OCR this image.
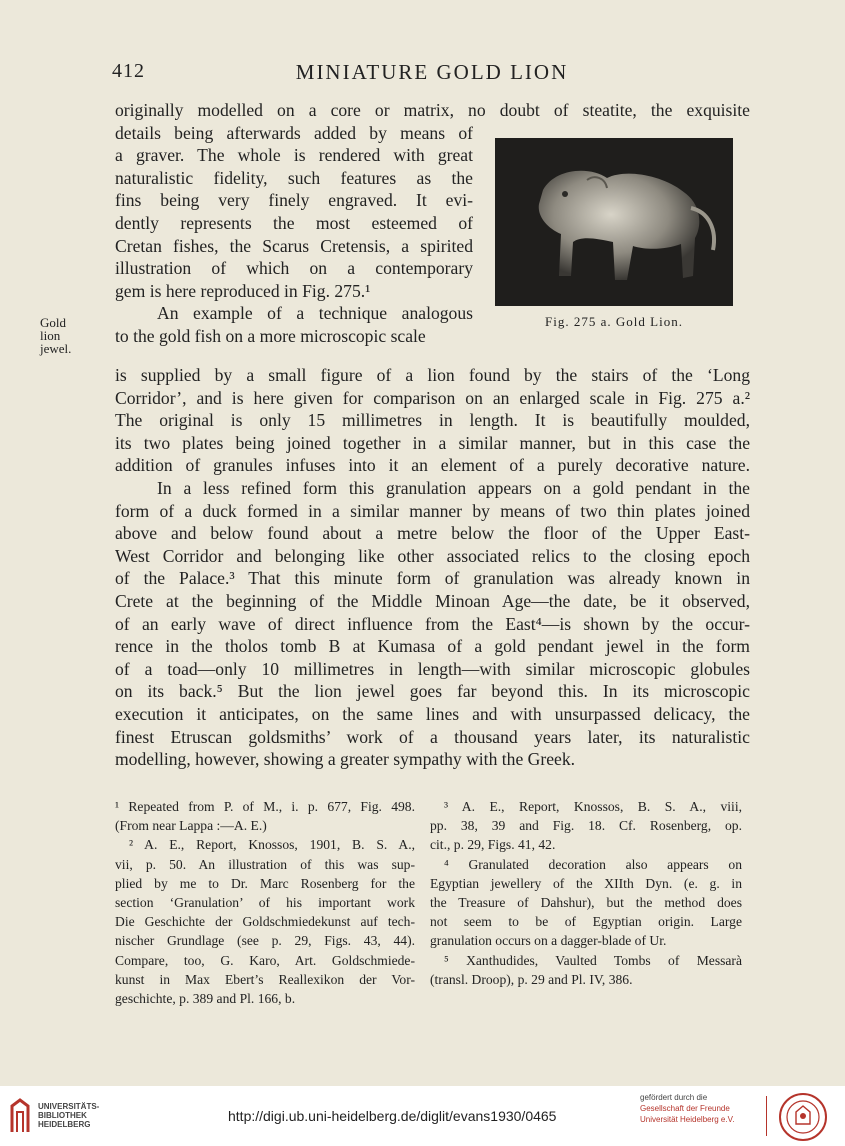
412	MINIATURE GOLD LION
originally modelled on a core or matrix, no doubt of steatite, the exquisite
details being afterwards added by means of
a graver. The whole is rendered with great
naturalistic fidelity, such features as the
fins being very finely engraved. It evi-
dently represents the most esteemed of
Cretan fishes, the Scarus Cretensis, a spirited
illustration of which on a contemporary
gem is here reproduced in Fig. 275.¹
An example of a technique analogous
to the gold fish on a more microscopic scale
Fig. 275 a. Gold Lion.
Gold
lion
jewel.
is supplied by a small figure of a lion found by the stairs of the ‘Long
Corridor’, and is here given for comparison on an enlarged scale in Fig. 275 a.²
The original is only 15 millimetres in length. It is beautifully moulded,
its two plates being joined together in a similar manner, but in this case the
addition of granules infuses into it an element of a purely decorative nature.
In a less refined form this granulation appears on a gold pendant in the
form of a duck formed in a similar manner by means of two thin plates joined
above and below found about a metre below the floor of the Upper East-
West Corridor and belonging like other associated relics to the closing epoch
of the Palace.³ That this minute form of granulation was already known in
Crete at the beginning of the Middle Minoan Age—the date, be it observed,
of an early wave of direct influence from the East⁴—is shown by the occur-
rence in the tholos tomb B at Kumasa of a gold pendant jewel in the form
of a toad—only 10 millimetres in length—with similar microscopic globules
on its back.⁵ But the lion jewel goes far beyond this. In its microscopic
execution it anticipates, on the same lines and with unsurpassed delicacy, the
finest Etruscan goldsmiths’ work of a thousand years later, its naturalistic
modelling, however, showing a greater sympathy with the Greek.
¹ Repeated from P. of M., i. p. 677, Fig. 498.
(From near Lappa :—A. E.)
² A. E., Report, Knossos, 1901, B. S. A.,
vii, p. 50. An illustration of this was sup-
plied by me to Dr. Marc Rosenberg for the
section ‘Granulation’ of his important work
Die Geschichte der Goldschmiedekunst auf tech-
nischer Grundlage (see p. 29, Figs. 43, 44).
Compare, too, G. Karo, Art. Goldschmiede-
kunst in Max Ebert’s Reallexikon der Vor-
geschichte, p. 389 and Pl. 166, b.
³ A. E., Report, Knossos, B. S. A., viii,
pp. 38, 39 and Fig. 18. Cf. Rosenberg, op.
cit., p. 29, Figs. 41, 42.
⁴ Granulated decoration also appears on
Egyptian jewellery of the XIIth Dyn. (e. g. in
the Treasure of Dahshur), but the method does
not seem to be of Egyptian origin. Large
granulation occurs on a dagger-blade of Ur.
⁵ Xanthudides, Vaulted Tombs of Messarà
(transl. Droop), p. 29 and Pl. IV, 386.
UNIVERSITÄTS-
BIBLIOTHEK
HEIDELBERG
http://digi.ub.uni-heidelberg.de/diglit/evans1930/0465
gefördert durch die
Gesellschaft der Freunde
Universität Heidelberg e.V.
